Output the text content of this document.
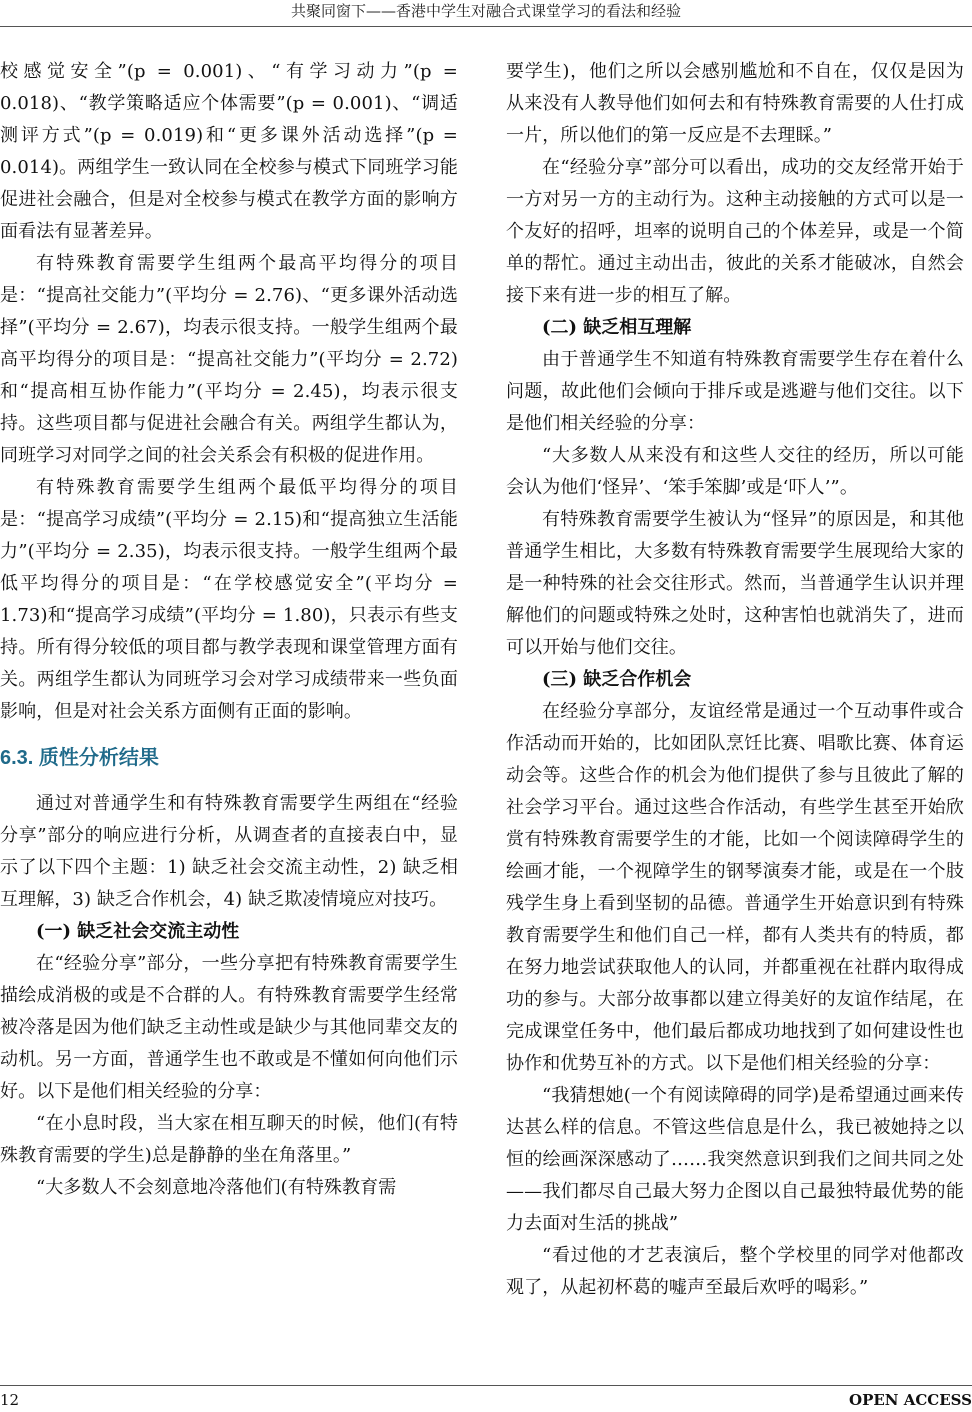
共聚同窗下——香港中学生对融合式课堂学习的看法和经验

校感觉安全”(p = 0.001)、“有学习动力”(p = 0.018)、“教学策略适应个体需要”(p = 0.001)、“调适测评方式”(p = 0.019)和“更多课外活动选择”(p = 0.014)。两组学生一致认同在全校参与模式下同班学习能促进社会融合，但是对全校参与模式在教学方面的影响方面看法有显著差异。

有特殊教育需要学生组两个最高平均得分的项目是：“提高社交能力”(平均分 = 2.76)、“更多课外活动选择”(平均分 = 2.67)，均表示很支持。一般学生组两个最高平均得分的项目是：“提高社交能力”(平均分 = 2.72)和“提高相互协作能力”(平均分 = 2.45)，均表示很支持。这些项目都与促进社会融合有关。两组学生都认为，同班学习对同学之间的社会关系会有积极的促进作用。

有特殊教育需要学生组两个最低平均得分的项目是：“提高学习成绩”(平均分 = 2.15)和“提高独立生活能力”(平均分 = 2.35)，均表示很支持。一般学生组两个最低平均得分的项目是：“在学校感觉安全”(平均分 = 1.73)和“提高学习成绩”(平均分 = 1.80)，只表示有些支持。所有得分较低的项目都与教学表现和课堂管理方面有关。两组学生都认为同班学习会对学习成绩带来一些负面影响，但是对社会关系方面侧有正面的影响。

6.3. 质性分析结果

通过对普通学生和有特殊教育需要学生两组在“经验分享”部分的响应进行分析，从调查者的直接表白中，显示了以下四个主题：1) 缺乏社会交流主动性，2) 缺乏相互理解，3) 缺乏合作机会，4) 缺乏欺凌情境应对技巧。

(一) 缺乏社会交流主动性

在“经验分享”部分，一些分享把有特殊教育需要学生描绘成消极的或是不合群的人。有特殊教育需要学生经常被冷落是因为他们缺乏主动性或是缺少与其他同辈交友的动机。另一方面，普通学生也不敢或是不懂如何向他们示好。以下是他们相关经验的分享：

“在小息时段，当大家在相互聊天的时候，他们(有特殊教育需要的学生)总是静静的坐在角落里。”

“大多数人不会刻意地冷落他们(有特殊教育需

要学生)，他们之所以会感别尴尬和不自在，仅仅是因为从来没有人教导他们如何去和有特殊教育需要的人仕打成一片，所以他们的第一反应是不去理睬。”

在“经验分享”部分可以看出，成功的交友经常开始于一方对另一方的主动行为。这种主动接触的方式可以是一个友好的招呼，坦率的说明自己的个体差异，或是一个简单的帮忙。通过主动出击，彼此的关系才能破冰，自然会接下来有进一步的相互了解。

(二) 缺乏相互理解

由于普通学生不知道有特殊教育需要学生存在着什么问题，故此他们会倾向于排斥或是逃避与他们交往。以下是他们相关经验的分享：

“大多数人从来没有和这些人交往的经历，所以可能会认为他们‘怪异’、‘笨手笨脚’或是‘吓人’”。

有特殊教育需要学生被认为“怪异”的原因是，和其他普通学生相比，大多数有特殊教育需要学生展现给大家的是一种特殊的社会交往形式。然而，当普通学生认识并理解他们的问题或特殊之处时，这种害怕也就消失了，进而可以开始与他们交往。

(三) 缺乏合作机会

在经验分享部分，友谊经常是通过一个互动事件或合作活动而开始的，比如团队烹饪比赛、唱歌比赛、体育运动会等。这些合作的机会为他们提供了参与且彼此了解的社会学习平台。通过这些合作活动，有些学生甚至开始欣赏有特殊教育需要学生的才能，比如一个阅读障碍学生的绘画才能，一个视障学生的钢琴演奏才能，或是在一个肢残学生身上看到坚韧的品德。普通学生开始意识到有特殊教育需要学生和他们自己一样，都有人类共有的特质，都在努力地尝试获取他人的认同，并都重视在社群内取得成功的参与。大部分故事都以建立得美好的友谊作结尾，在完成课堂任务中，他们最后都成功地找到了如何建设性也协作和优势互补的方式。以下是他们相关经验的分享：

“我猜想她(一个有阅读障碍的同学)是希望通过画来传达甚么样的信息。不管这些信息是什么，我已被她持之以恒的绘画深深感动了……我突然意识到我们之间共同之处——我们都尽自己最大努力企图以自己最独特最优势的能力去面对生活的挑战”

“看过他的才艺表演后，整个学校里的同学对他都改观了，从起初杯葛的嘘声至最后欢呼的喝彩。”

12	OPEN ACCESS
